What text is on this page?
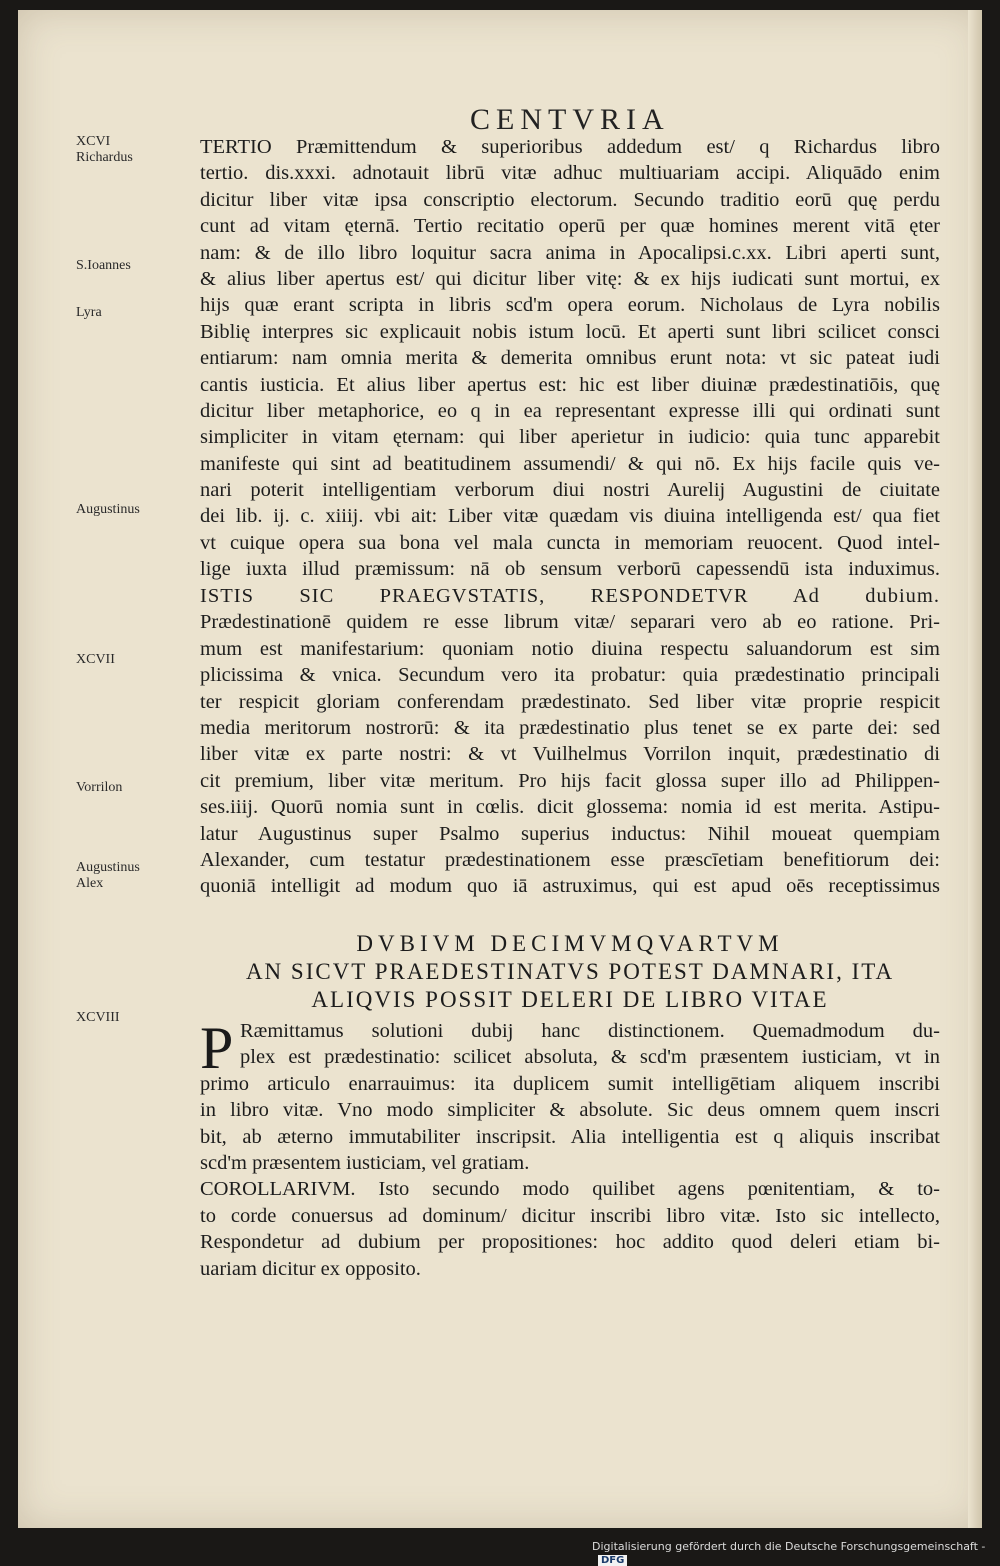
CENTVRIA
XCVI
Richardus
S.Ioannes
Lyra
Augustinus
XCVII
Vorrilon
Augustinus
Alex
XCVIII
TERTIO Præmittendum & superioribus addedum est/ q Richardus libro
tertio. dis.xxxi. adnotauit librū vitæ adhuc multiuariam accipi. Aliquādo enim
dicitur liber vitæ ipsa conscriptio electorum. Secundo traditio eorū quę perdu
cunt ad vitam ęternā. Tertio recitatio operū per quæ homines merent vitā ęter
nam: & de illo libro loquitur sacra anima in Apocalipsi.c.xx. Libri aperti sunt,
& alius liber apertus est/ qui dicitur liber vitę: & ex hijs iudicati sunt mortui, ex
hijs quæ erant scripta in libris scd'm opera eorum. Nicholaus de Lyra nobilis
Biblię interpres sic explicauit nobis istum locū. Et aperti sunt libri scilicet consci
entiarum: nam omnia merita & demerita omnibus erunt nota: vt sic pateat iudi
cantis iusticia. Et alius liber apertus est: hic est liber diuinæ prædestinatiōis, quę
dicitur liber metaphorice, eo q in ea representant expresse illi qui ordinati sunt
simpliciter in vitam ęternam: qui liber aperietur in iudicio: quia tunc apparebit
manifeste qui sint ad beatitudinem assumendi/ & qui nō. Ex hijs facile quis ve-
nari poterit intelligentiam verborum diui nostri Aurelij Augustini de ciuitate
dei lib. ij. c. xiiij. vbi ait: Liber vitæ quædam vis diuina intelligenda est/ qua fiet
vt cuique opera sua bona vel mala cuncta in memoriam reuocent. Quod intel-
lige iuxta illud præmissum: nā ob sensum verborū capessendū ista induximus.
ISTIS SIC PRAEGVSTATIS, RESPONDETVR Ad dubium.
Prædestinationē quidem re esse librum vitæ/ separari vero ab eo ratione. Pri-
mum est manifestarium: quoniam notio diuina respectu saluandorum est sim
plicissima & vnica. Secundum vero ita probatur: quia prædestinatio principali
ter respicit gloriam conferendam prædestinato. Sed liber vitæ proprie respicit
media meritorum nostrorū: & ita prædestinatio plus tenet se ex parte dei: sed
liber vitæ ex parte nostri: & vt Vuilhelmus Vorrilon inquit, prædestinatio di
cit premium, liber vitæ meritum. Pro hijs facit glossa super illo ad Philippen-
ses.iiij. Quorū nomia sunt in cœlis. dicit glossema: nomia id est merita. Astipu-
latur Augustinus super Psalmo superius inductus: Nihil moueat quempiam
Alexander, cum testatur prædestinationem esse præscīetiam benefitiorum dei:
quoniā intelligit ad modum quo iā astruximus, qui est apud oēs receptissimus
DVBIVM DECIMVMQVARTVM
AN SICVT PRAEDESTINATVS POTEST DAMNARI, ITA
ALIQVIS POSSIT DELERI DE LIBRO VITAE
P Ræmittamus solutioni dubij hanc distinctionem. Quemadmodum du-
plex est prædestinatio: scilicet absoluta, & scd'm præsentem iusticiam, vt in
primo articulo enarrauimus: ita duplicem sumit intelligētiam aliquem inscribi
in libro vitæ. Vno modo simpliciter & absolute. Sic deus omnem quem inscri
bit, ab æterno immutabiliter inscripsit. Alia intelligentia est q aliquis inscribat
scd'm præsentem iusticiam, vel gratiam.
COROLLARIVM. Isto secundo modo quilibet agens pœnitentiam, & to-
to corde conuersus ad dominum/ dicitur inscribi libro vitæ. Isto sic intellecto,
Respondetur ad dubium per propositiones: hoc addito quod deleri etiam bi-
uariam dicitur ex opposito.
Digitalisierung gefördert durch die Deutsche Forschungsgemeinschaft - DFG
